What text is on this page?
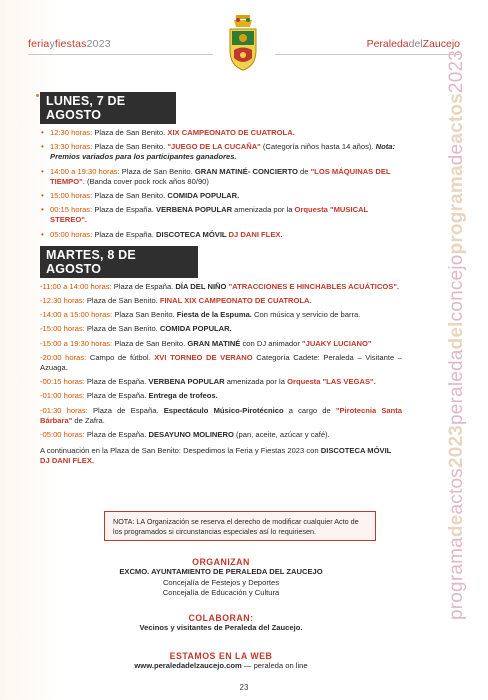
feriayfiestas2023	PeraledadelZaucejo
programadeactos2023peraledadelconcejoprogramadeactos2023
LUNES, 7 DE AGOSTO
• 12:30 horas: Plaza de San Benito. XIX CAMPEONATO DE CUATROLA.
• 13:30 horas: Plaza de San Benito. "JUEGO DE LA CUCAÑA" (Categoría niños hasta 14 años). Nota: Premios variados para los participantes ganadores.
• 14:00 a 19:30 horas: Plaza de San Benito. GRAN MATINÉ- CONCIERTO de "LOS MÁQUINAS DEL TIEMPO". (Banda cover pock rock años 80/90)
• 15:00 horas: Plaza de San Benito. COMIDA POPULAR.
• 00:15 horas: Plaza de España. VERBENA POPULAR amenizada por la Orquesta "MUSICAL STEREO".
• 05:00 horas: Plaza de España. DISCOTECA MÓVIL DJ DANI FLEX.
MARTES, 8 DE AGOSTO
-11:00 a 14:00 horas: Plaza de España. DÍA DEL NIÑO "ATRACCIONES E HINCHABLES ACUÁTICOS".
-12:30 horas: Plaza de San Benito. FINAL XIX CAMPEONATO DE CUATROLA.
-14:00 a 15:00 horas: Plaza San Benito. Fiesta de la Espuma. Con música y servicio de barra.
-15:00 horas: Plaza de San Benito. COMIDA POPULAR.
-15:00 a 19:30 horas: Plaza de San Benito. GRAN MATINÉ con DJ animador "JUAKY LUCIANO"
-20:00 horas: Campo de fútbol. XVI TORNEO DE VERANO Categoría Cadete: Peraleda – Visitante – Azuaga.
-00:15 horas: Plaza de España. VERBENA POPULAR amenizada por la Orquesta "LAS VEGAS".
-01:00 horas: Plaza de España. Entrega de trofeos.
-01:30 horas: Plaza de España. Espectáculo Músico-Pirotécnico a cargo de "Pirotecnia Santa Bárbara" de Zafra.
-05:00 horas: Plaza de España. DESAYUNO MOLINERO (pan, aceite, azúcar y café).
A continuación en la Plaza de San Benito: Despedimos la Feria y Fiestas 2023 con DISCOTECA MÓVIL DJ DANI FLEX.
NOTA: LA Organización se reserva el derecho de modificar cualquier Acto de los programados si circunstancias especiales así lo requiriesen.
ORGANIZAN
EXCMO. AYUNTAMIENTO DE PERALEDA DEL ZAUCEJO
Concejalía de Festejos y Deportes
Concejalía de Educación y Cultura
COLABORAN:
Vecinos y visitantes de Peraleda del Zaucejo.
ESTAMOS EN LA WEB
www.peraledadelzaucejo.com — peraleda on line
23
